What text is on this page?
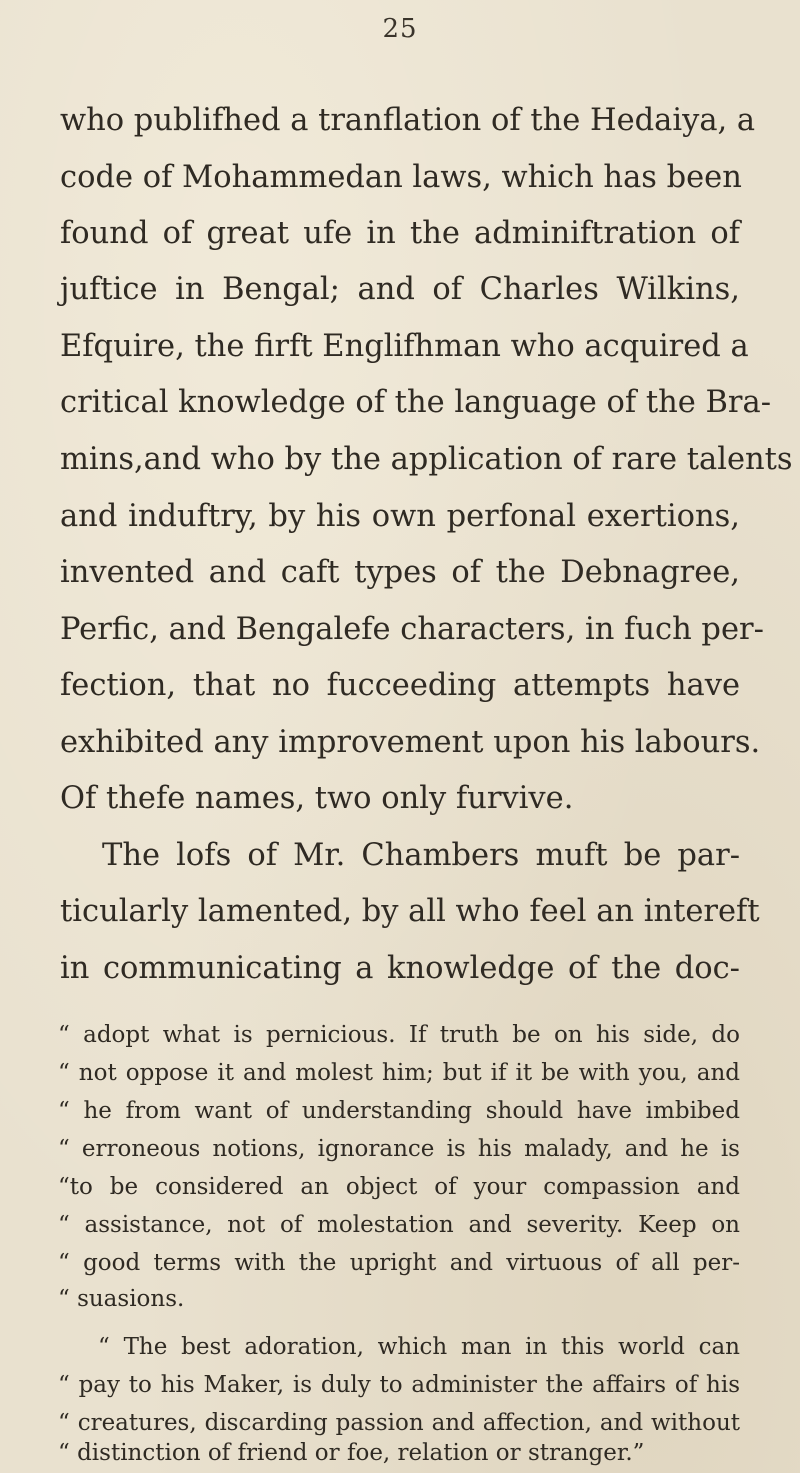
25
who publifhed a tranflation of the Hedaiya, a
code of Mohammedan laws, which has been
found of great ufe in the adminiftration of
juftice in Bengal; and of Charles Wilkins,
Efquire, the firft Englifhman who acquired a
critical knowledge of the language of the Bra-
mins,and who by the application of rare talents
and induftry, by his own perfonal exertions,
invented and caft types of the Debnagree,
Perfic, and Bengalefe characters, in fuch per-
fection, that no fucceeding attempts have
exhibited any improvement upon his labours.
Of thefe names, two only furvive.
The lofs of Mr. Chambers muft be par-
ticularly lamented, by all who feel an intereft
in communicating a knowledge of the doc-
“ adopt what is pernicious. If truth be on his side, do
“ not oppose it and molest him; but if it be with you, and
“ he from want of understanding should have imbibed
“ erroneous notions, ignorance is his malady, and he is
“to be considered an object of your compassion and
“ assistance, not of molestation and severity. Keep on
“ good terms with the upright and virtuous of all per-
“ suasions.
“ The best adoration, which man in this world can
“ pay to his Maker, is duly to administer the affairs of his
“ creatures, discarding passion and affection, and without
“ distinction of friend or foe, relation or stranger.”
